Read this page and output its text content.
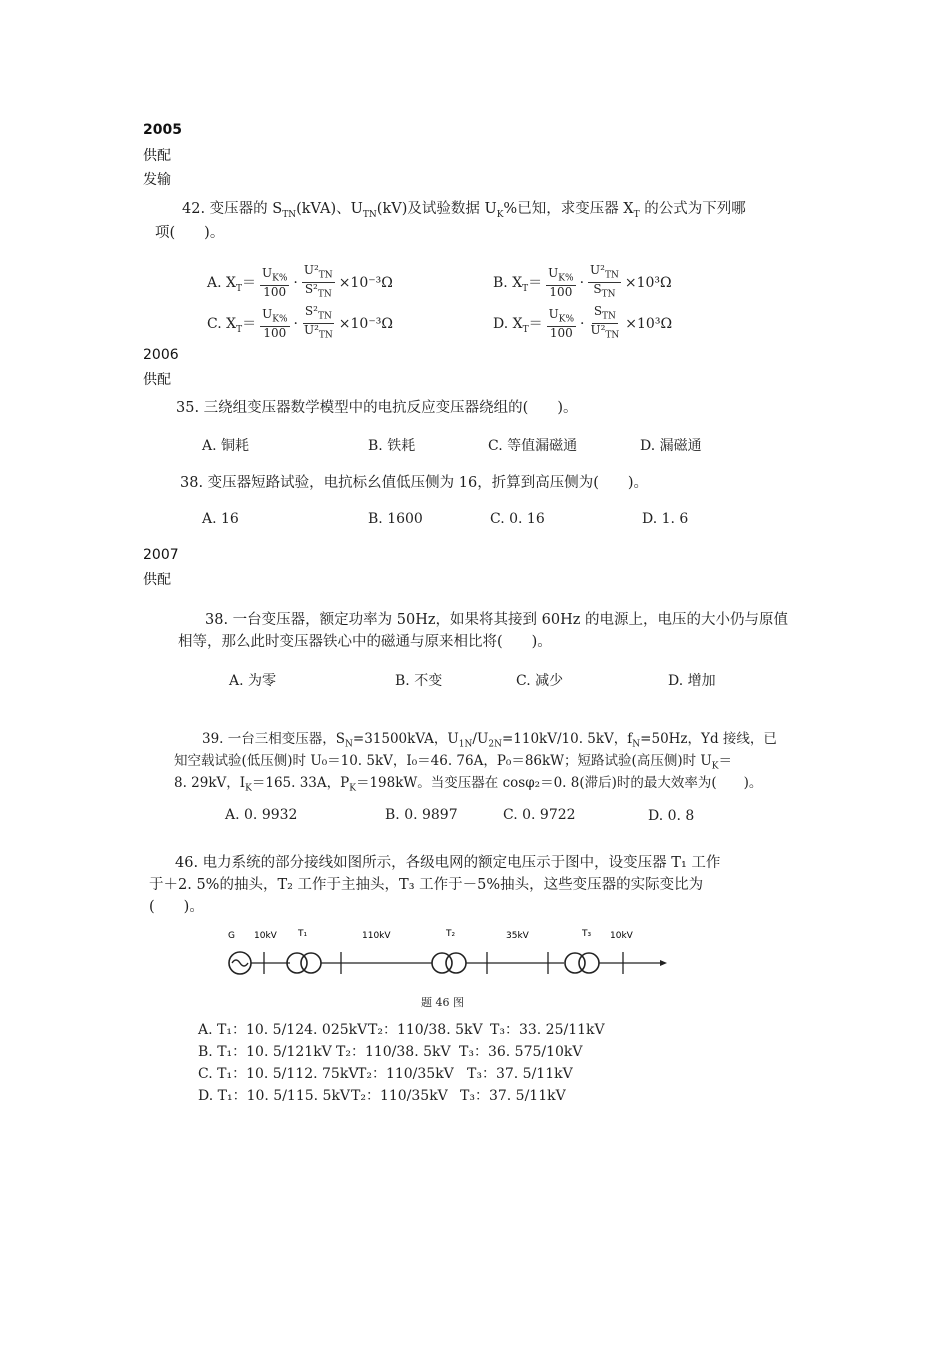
2005
供配
发输
42. 变压器的 $S_{TN}(kVA)$、$U_{TN}(kV)$及试验数据 $U_K\%$已知，求变压器 $X_T$ 的公式为下列哪
项(　　)。
A. $X_T= \frac{U_{K\%}}{100} \cdot \frac{U^2_{TN}}{S^2_{TN}} \times 10^{-3}\Omega$	B. $X_T= \frac{U_{K\%}}{100} \cdot \frac{U^2_{TN}}{S_{TN}} \times 10^3\Omega$
C. $X_T= \frac{U_{K\%}}{100} \cdot \frac{S^2_{TN}}{U^2_{TN}} \times 10^{-3}\Omega$	D. $X_T= \frac{U_{K\%}}{100} \cdot \frac{S_{TN}}{U^2_{TN}} \times 10^3\Omega$
2006
供配
35. 三绕组变压器数学模型中的电抗反应变压器绕组的(　　)。
A. 铜耗	B. 铁耗	C. 等值漏磁通	D. 漏磁通
38. 变压器短路试验，电抗标幺值低压侧为 16，折算到高压侧为(　　)。
A. 16	B. 1600	C. 0. 16	D. 1. 6
2007
供配
38. 一台变压器，额定功率为 50Hz，如果将其接到 60Hz 的电源上，电压的大小仍与原值
相等，那么此时变压器铁心中的磁通与原来相比将(　　)。
A. 为零	B. 不变	C. 减少	D. 增加
39. 一台三相变压器，$S_N=31500kVA$，$U_{1N}/U_{2N}=110kV/10$. 5kV，$f_N=50Hz$，Yd 接线，已
知空载试验(低压侧)时 U₀＝10. 5kV，I₀＝46. 76A，P₀＝86kW；短路试验(高压侧)时 $U_K=$
8. 29kV，$I_K=165$. 33A，$P_K=198kW$。当变压器在 cosφ₂＝0. 8(滞后)时的最大效率为(　　)。
A. 0. 9932	B. 0. 9897	C. 0. 9722	D. 0. 8
46. 电力系统的部分接线如图所示，各级电网的额定电压示于图中，设变压器 T₁ 工作
于＋2. 5%的抽头，T₂ 工作于主抽头，T₃ 工作于－5%抽头，这些变压器的实际变比为
(　　)。
G 10kV T₁	110kV	T₂	35kV	T₃ 10kV
题 46 图
A. T₁：10. 5/124. 025kV T₂：110/38. 5kV T₃：33. 25/11kV
B. T₁：10. 5/121kV T₂：110/38. 5kV T₃：36. 575/10kV
C. T₁：10. 5/112. 75kV
T₂：110/35kV T₃：37. 5/11kV
D. T₁：10. 5/115. 5kV T₂：110/35kV T₃：37. 5/11kV
